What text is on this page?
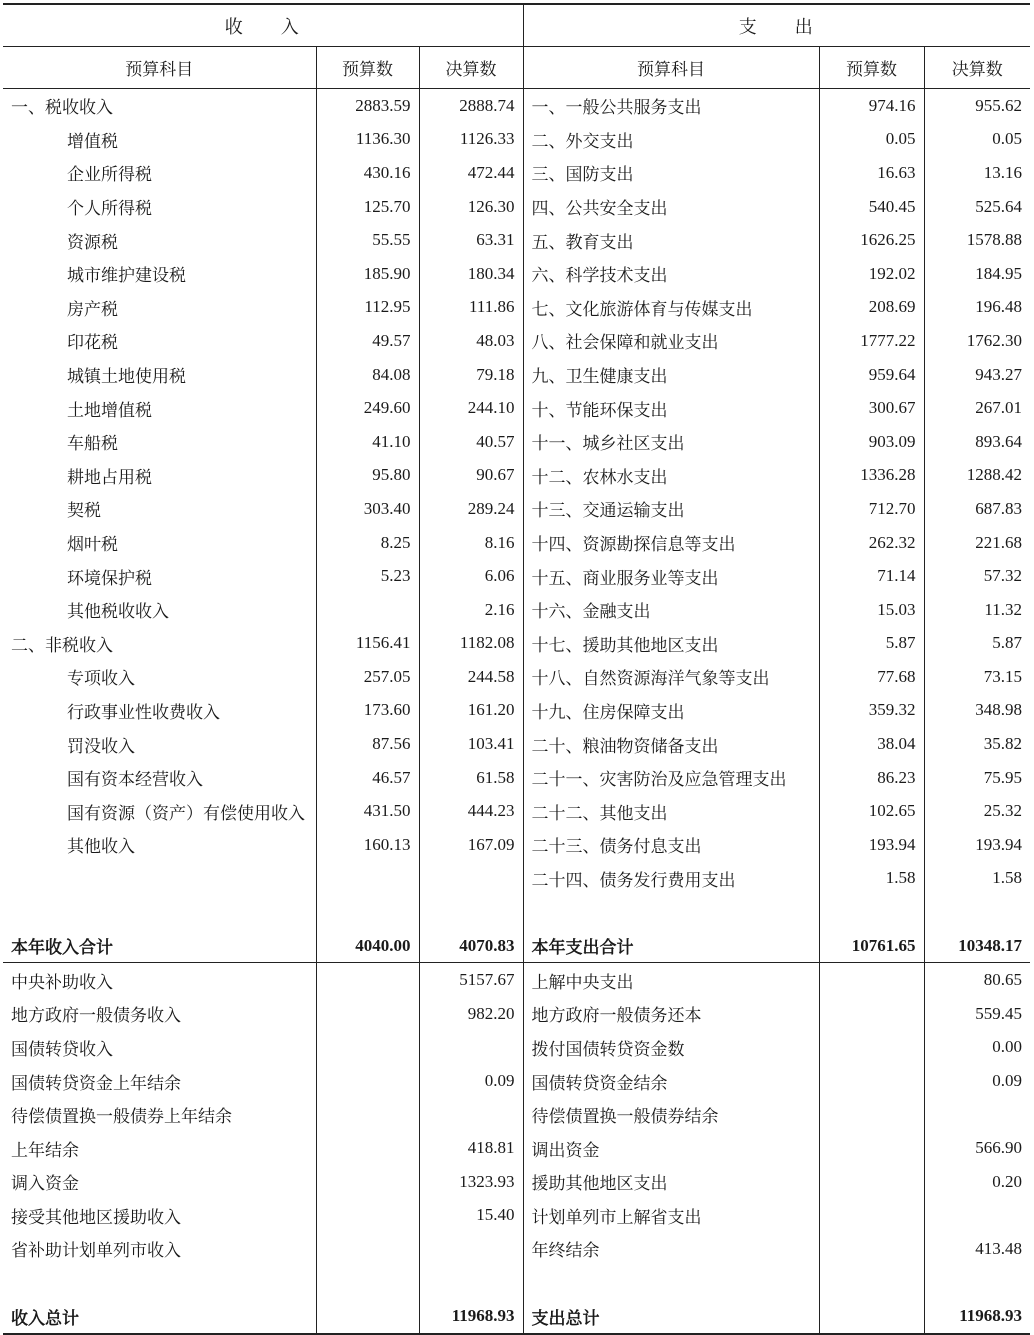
收 入			支 出		
预算科目	预算数	决算数	预算科目	预算数	决算数
一、税收收入	2883.59	2888.74	一、一般公共服务支出	974.16	955.62
增值税	1136.30	1126.33	二、外交支出	0.05	0.05
企业所得税	430.16	472.44	三、国防支出	16.63	13.16
个人所得税	125.70	126.30	四、公共安全支出	540.45	525.64
资源税	55.55	63.31	五、教育支出	1626.25	1578.88
城市维护建设税	185.90	180.34	六、科学技术支出	192.02	184.95
房产税	112.95	111.86	七、文化旅游体育与传媒支出	208.69	196.48
印花税	49.57	48.03	八、社会保障和就业支出	1777.22	1762.30
城镇土地使用税	84.08	79.18	九、卫生健康支出	959.64	943.27
土地增值税	249.60	244.10	十、节能环保支出	300.67	267.01
车船税	41.10	40.57	十一、城乡社区支出	903.09	893.64
耕地占用税	95.80	90.67	十二、农林水支出	1336.28	1288.42
契税	303.40	289.24	十三、交通运输支出	712.70	687.83
烟叶税	8.25	8.16	十四、资源勘探信息等支出	262.32	221.68
环境保护税	5.23	6.06	十五、商业服务业等支出	71.14	57.32
其他税收收入		2.16	十六、金融支出	15.03	11.32
二、非税收入	1156.41	1182.08	十七、援助其他地区支出	5.87	5.87
专项收入	257.05	244.58	十八、自然资源海洋气象等支出	77.68	73.15
行政事业性收费收入	173.60	161.20	十九、住房保障支出	359.32	348.98
罚没收入	87.56	103.41	二十、粮油物资储备支出	38.04	35.82
国有资本经营收入	46.57	61.58	二十一、灾害防治及应急管理支出	86.23	75.95
国有资源（资产）有偿使用收入	431.50	444.23	二十二、其他支出	102.65	25.32
其他收入	160.13	167.09	二十三、债务付息支出	193.94	193.94
			二十四、债务发行费用支出	1.58	1.58

本年收入合计	4040.00	4070.83	本年支出合计	10761.65	10348.17
中央补助收入		5157.67	上解中央支出		80.65
地方政府一般债务收入		982.20	地方政府一般债务还本		559.45
国债转贷收入			拨付国债转贷资金数		0.00
国债转贷资金上年结余		0.09	国债转贷资金结余		0.09
待偿债置换一般债券上年结余			待偿债置换一般债券结余		
上年结余		418.81	调出资金		566.90
调入资金		1323.93	援助其他地区支出		0.20
接受其他地区援助收入		15.40	计划单列市上解省支出		
省补助计划单列市收入			年终结余		413.48

收入总计		11968.93	支出总计		11968.93
